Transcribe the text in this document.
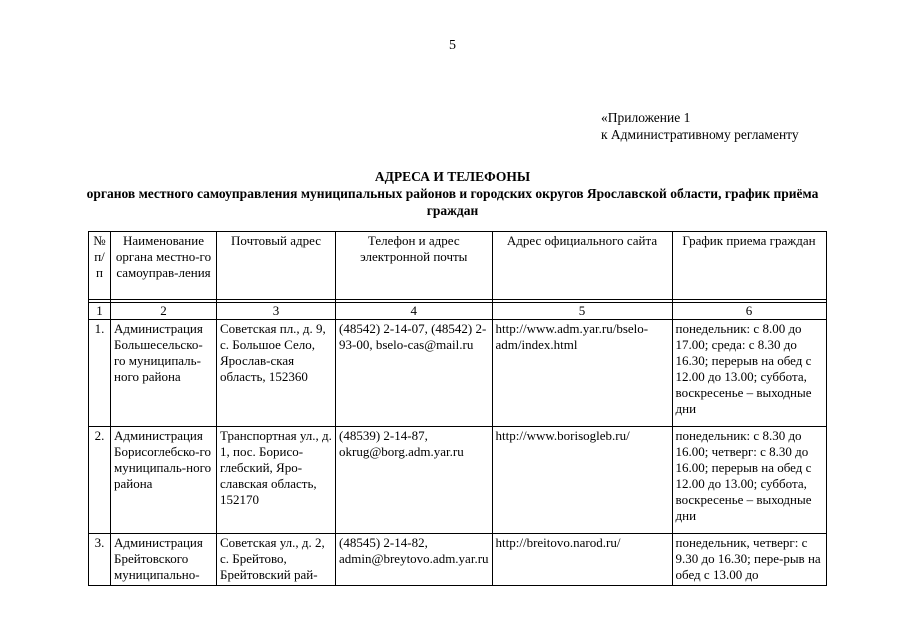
5
«Приложение 1
к Административному регламенту
АДРЕСА И ТЕЛЕФОНЫ
органов местного самоуправления муниципальных районов и городских округов Ярославской области, график приёма граждан
№ п/п	Наименование органа местно-го самоуправ-ления	Почтовый адрес	Телефон и адрес электронной почты	Адрес официального сайта	График приема граждан

1	2	3	4	5	6
1.	Администрация Большесельско-го муниципаль-ного района	Советская пл., д. 9, с. Большое Село, Ярослав-ская область, 152360	(48542) 2-14-07, (48542) 2-93-00, bselo-cas@mail.ru	http://www.adm.yar.ru/bselo-adm/index.html	понедельник: с 8.00 до 17.00; среда: с 8.30 до 16.30; перерыв на обед с 12.00 до 13.00; суббота, воскресенье – выходные дни
2.	Администрация Борисоглебско-го муниципаль-ного района	Транспортная ул., д. 1, пос. Борисо-глебский, Яро-славская область, 152170	(48539) 2-14-87, okrug@borg.adm.yar.ru	http://www.borisogleb.ru/	понедельник: с 8.30 до 16.00; четверг: с 8.30 до 16.00; перерыв на обед с 12.00 до 13.00; суббота, воскресенье – выходные дни
3.	Администрация Брейтовского муниципально-	Советская ул., д. 2, с. Брейтово, Брейтовский рай-	(48545) 2-14-82, admin@breytovo.adm.yar.ru	http://breitovo.narod.ru/	понедельник, четверг: с 9.30 до 16.30; пере-рыв на обед с 13.00 до
